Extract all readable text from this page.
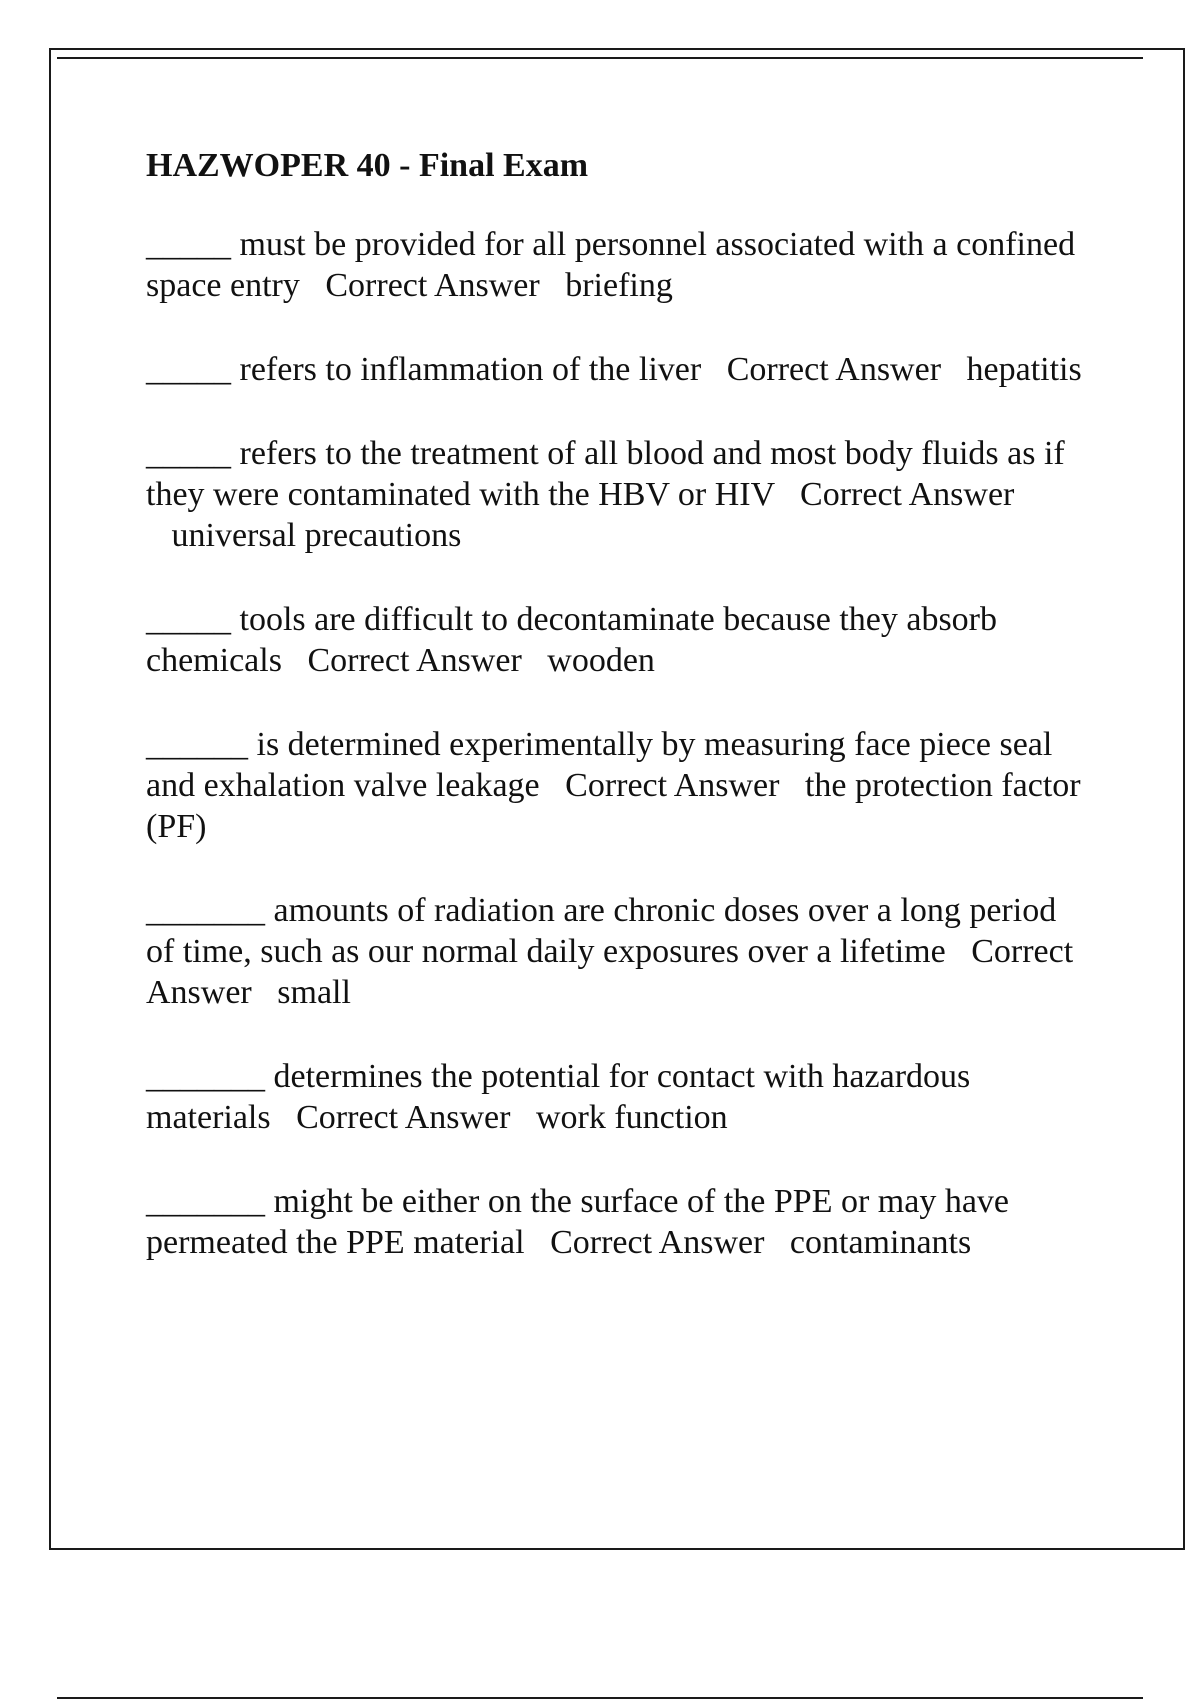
HAZWOPER 40 - Final Exam

_____ must be provided for all personnel associated with a confined space entry Correct Answer briefing

_____ refers to inflammation of the liver Correct Answer hepatitis

_____ refers to the treatment of all blood and most body fluids as if they were contaminated with the HBV or HIV Correct Answer   universal precautions

_____ tools are difficult to decontaminate because they absorb chemicals Correct Answer wooden

______ is determined experimentally by measuring face piece seal and exhalation valve leakage Correct Answer the protection factor (PF)

_______ amounts of radiation are chronic doses over a long period of time, such as our normal daily exposures over a lifetime Correct Answer small

_______ determines the potential for contact with hazardous materials Correct Answer work function

_______ might be either on the surface of the PPE or may have permeated the PPE material Correct Answer contaminants
